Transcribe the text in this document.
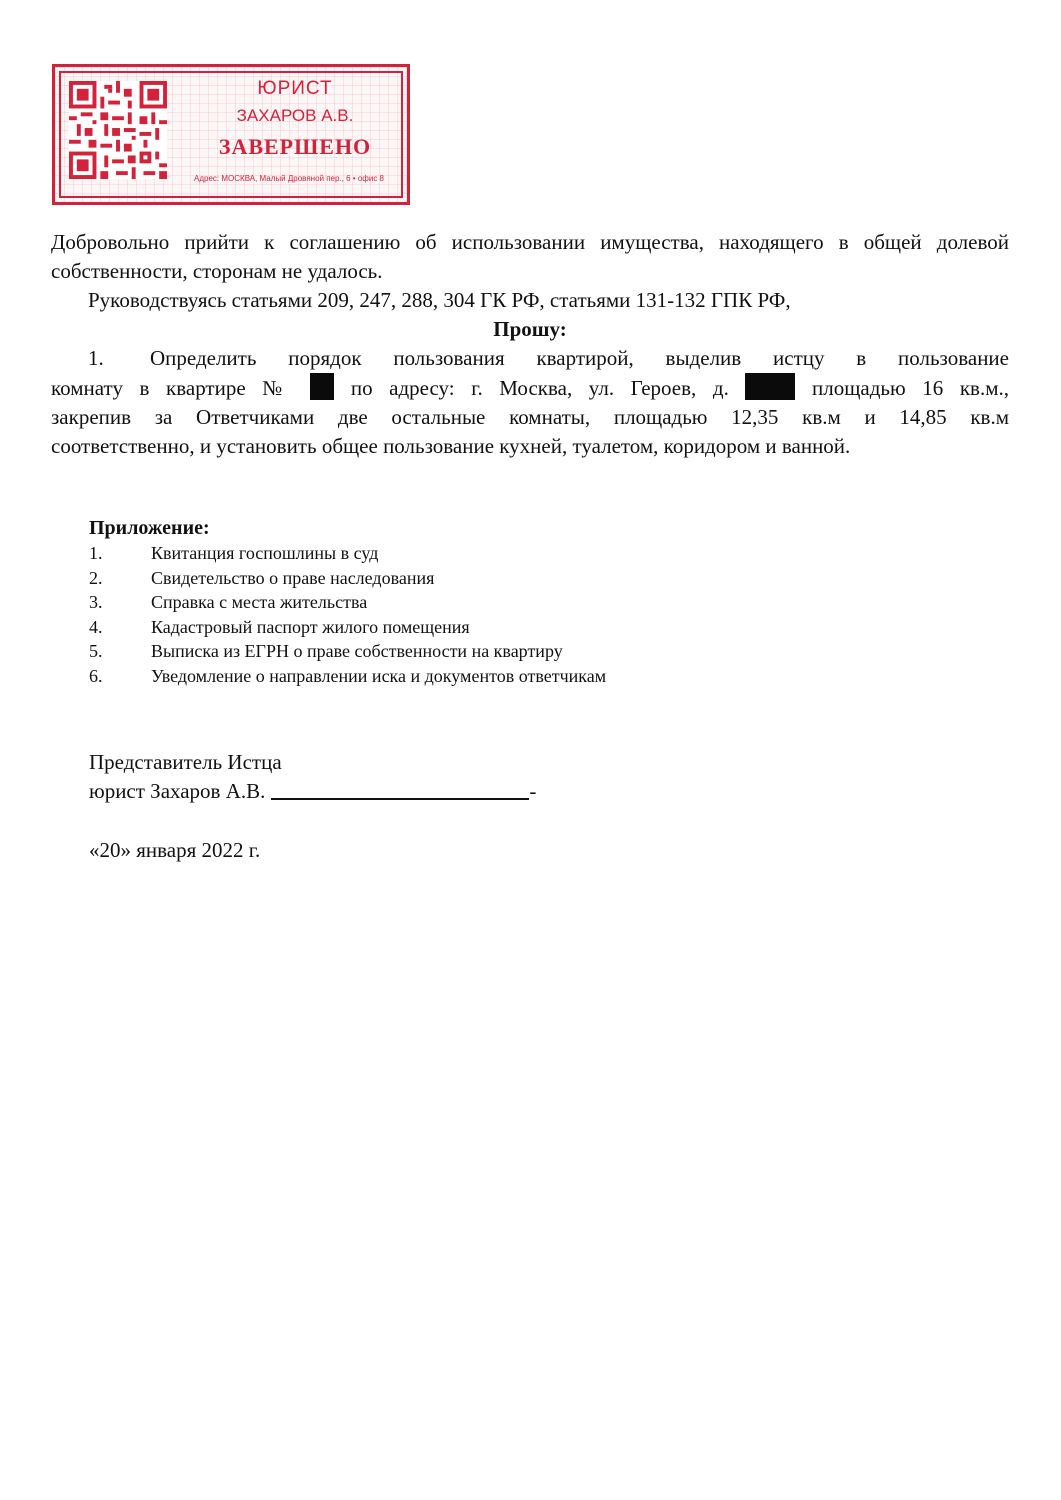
ЮРИСТ
ЗАХАРОВ А.В.
ЗАВЕРШЕНО
Адрес: МОСКВА, Малый Дровяной пер., 6 • офис 8

Добровольно прийти к соглашению об использовании имущества, находящего в общей долевой собственности, сторонам не удалось.

Руководствуясь статьями 209, 247, 288, 304 ГК РФ, статьями 131-132 ГПК РФ,

Прошу:

1. Определить порядок пользования квартирой, выделив истцу в пользование

комнату в квартире №	по адресу: г. Москва, ул. Героев, д.	площадью 16 кв.м.,

закрепив за Ответчиками две остальные комнаты, площадью 12,35 кв.м и 14,85 кв.м

соответственно, и установить общее пользование кухней, туалетом, коридором и ванной.

Приложение:
1.	Квитанция госпошлины в суд
2.	Свидетельство о праве наследования
3.	Справка с места жительства
4.	Кадастровый паспорт жилого помещения
5.	Выписка из ЕГРН о праве собственности на квартиру
6.	Уведомление о направлении иска и документов ответчикам
Представитель Истца
юрист Захаров А.В.	-
«20» января 2022 г.
